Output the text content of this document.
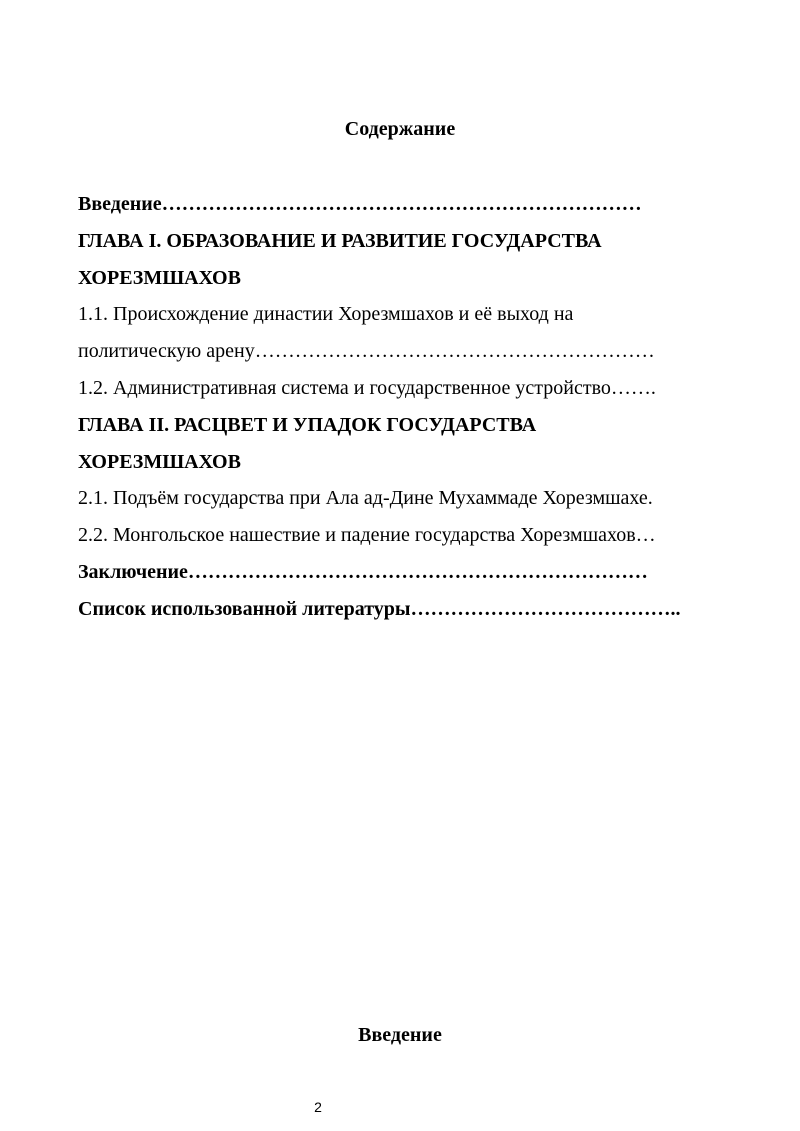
Содержание
Введение………………………………………………………………
ГЛАВА I. ОБРАЗОВАНИЕ И РАЗВИТИЕ ГОСУДАРСТВА
ХОРЕЗМШАХОВ
1.1. Происхождение династии Хорезмшахов и её выход на
политическую арену……………………………………………………
1.2. Административная система и государственное устройство…….
ГЛАВА II. РАСЦВЕТ И УПАДОК ГОСУДАРСТВА
ХОРЕЗМШАХОВ
2.1. Подъём государства при Ала ад-Дине Мухаммаде Хорезмшахе.
2.2. Монгольское нашествие и падение государства Хорезмшахов…
Заключение……………………………………………………………
Список использованной литературы…………………………………..
Введение
2
